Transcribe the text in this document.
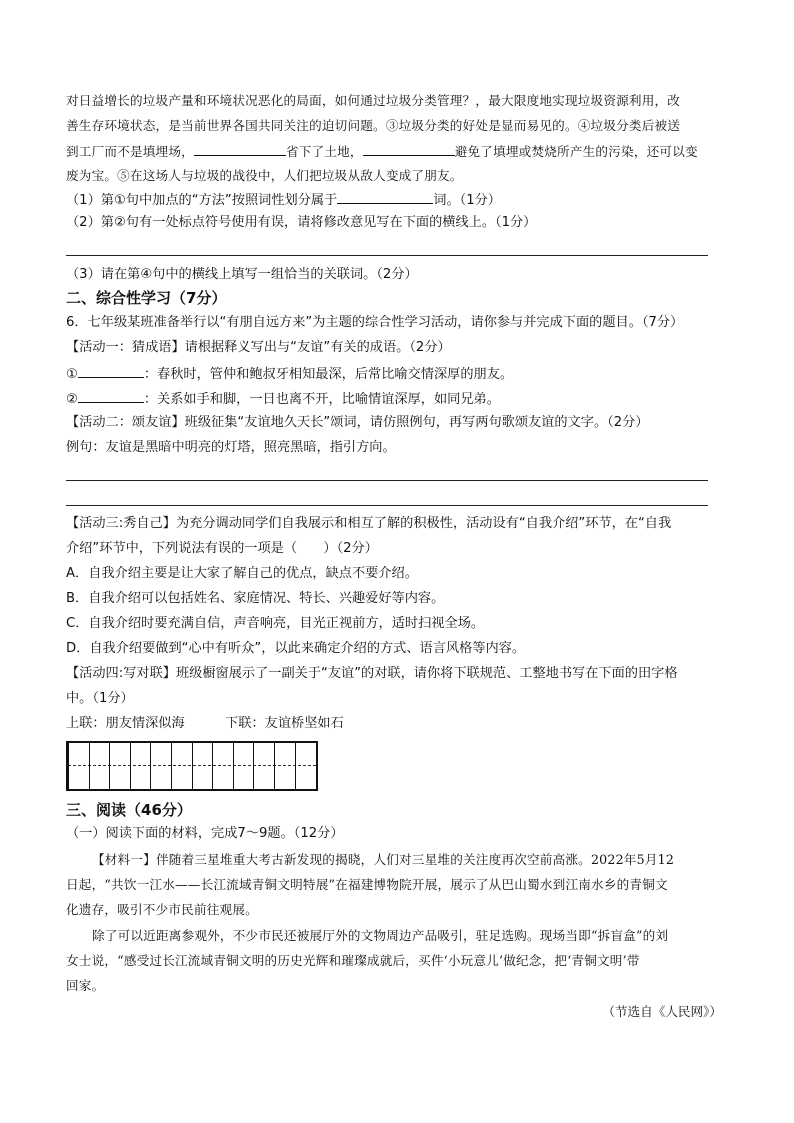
对日益增长的垃圾产量和环境状况恶化的局面，如何通过垃圾分类管理？，最大限度地实现垃圾资源利用，改
善生存环境状态，是当前世界各国共同关注的迫切问题。③垃圾分类的好处是显而易见的。④垃圾分类后被送
到工厂而不是填埋场，	省下了土地，	避免了填埋或焚烧所产生的污染，还可以变
废为宝。⑤在这场人与垃圾的战役中，人们把垃圾从敌人变成了朋友。
（1）第①句中加点的“方法”按照词性划分属于	词。（1分）
（2）第②句有一处标点符号使用有误，请将修改意见写在下面的横线上。（1分）
（3）请在第④句中的横线上填写一组恰当的关联词。（2分）
二、综合性学习（7分）
6．七年级某班准备举行以“有朋自远方来”为主题的综合性学习活动，请你参与并完成下面的题目。（7分）
【活动一：猜成语】请根据释义写出与“友谊”有关的成语。（2分）
①	：春秋时，管仲和鲍叔牙相知最深，后常比喻交情深厚的朋友。
②	：关系如手和脚，一日也离不开，比喻情谊深厚，如同兄弟。
【活动二：颂友谊】班级征集“友谊地久天长”颂词，请仿照例句，再写两句歌颂友谊的文字。（2分）
例句：友谊是黑暗中明亮的灯塔，照亮黑暗，指引方向。
【活动三:秀自己】为充分调动同学们自我展示和相互了解的积极性，活动设有“自我介绍”环节，在“自我
介绍”环节中，下列说法有误的一项是（　　）（2分）
A．自我介绍主要是让大家了解自己的优点，缺点不要介绍。
B．自我介绍可以包括姓名、家庭情况、特长、兴趣爱好等内容。
C．自我介绍时要充满自信，声音响亮，目光正视前方，适时扫视全场。
D．自我介绍要做到“心中有听众”，以此来确定介绍的方式、语言风格等内容。
【活动四:写对联】班级橱窗展示了一副关于“友谊”的对联，请你将下联规范、工整地书写在下面的田字格
中。（1分）
上联：朋友情深似海	下联：友谊桥坚如石
三、阅读（46分）
（一）阅读下面的材料，完成7～9题。（12分）
【材料一】伴随着三星堆重大考古新发现的揭晓，人们对三星堆的关注度再次空前高涨。2022年5月12
日起，“共饮一江水——长江流域青铜文明特展”在福建博物院开展，展示了从巴山蜀水到江南水乡的青铜文
化遗存，吸引不少市民前往观展。
除了可以近距离参观外，不少市民还被展厅外的文物周边产品吸引，驻足选购。现场当即“拆盲盒”的刘
女士说，“感受过长江流域青铜文明的历史光辉和璀璨成就后，买件‘小玩意儿’做纪念，把‘青铜文明’带
回家。
（节选自《人民网》）
